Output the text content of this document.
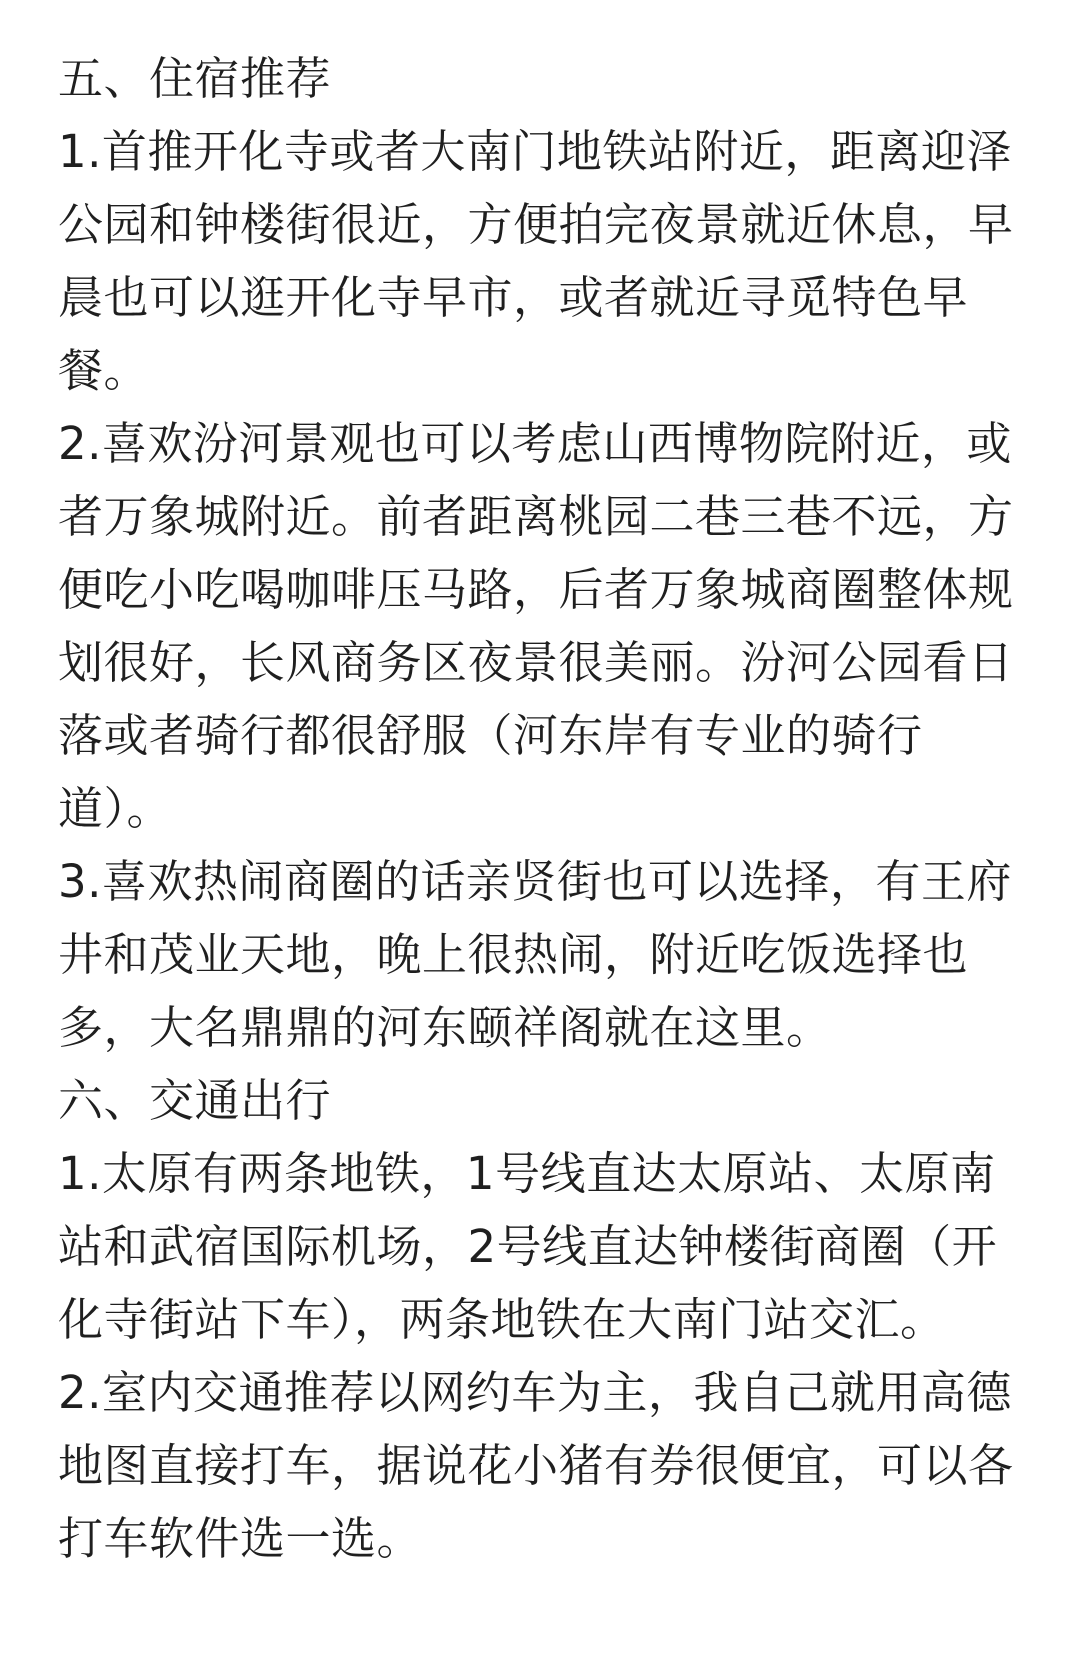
五、住宿推荐
1.首推开化寺或者大南门地铁站附近，距离迎泽
公园和钟楼街很近，方便拍完夜景就近休息，早
晨也可以逛开化寺早市，或者就近寻觅特色早
餐。
2.喜欢汾河景观也可以考虑山西博物院附近，或
者万象城附近。前者距离桃园二巷三巷不远，方
便吃小吃喝咖啡压马路，后者万象城商圈整体规
划很好，长风商务区夜景很美丽。汾河公园看日
落或者骑行都很舒服（河东岸有专业的骑行
道）。
3.喜欢热闹商圈的话亲贤街也可以选择，有王府
井和茂业天地，晚上很热闹，附近吃饭选择也
多，大名鼎鼎的河东颐祥阁就在这里。
六、交通出行
1.太原有两条地铁，1号线直达太原站、太原南
站和武宿国际机场，2号线直达钟楼街商圈（开
化寺街站下车），两条地铁在大南门站交汇。
2.室内交通推荐以网约车为主，我自己就用高德
地图直接打车，据说花小猪有券很便宜，可以各
打车软件选一选。
